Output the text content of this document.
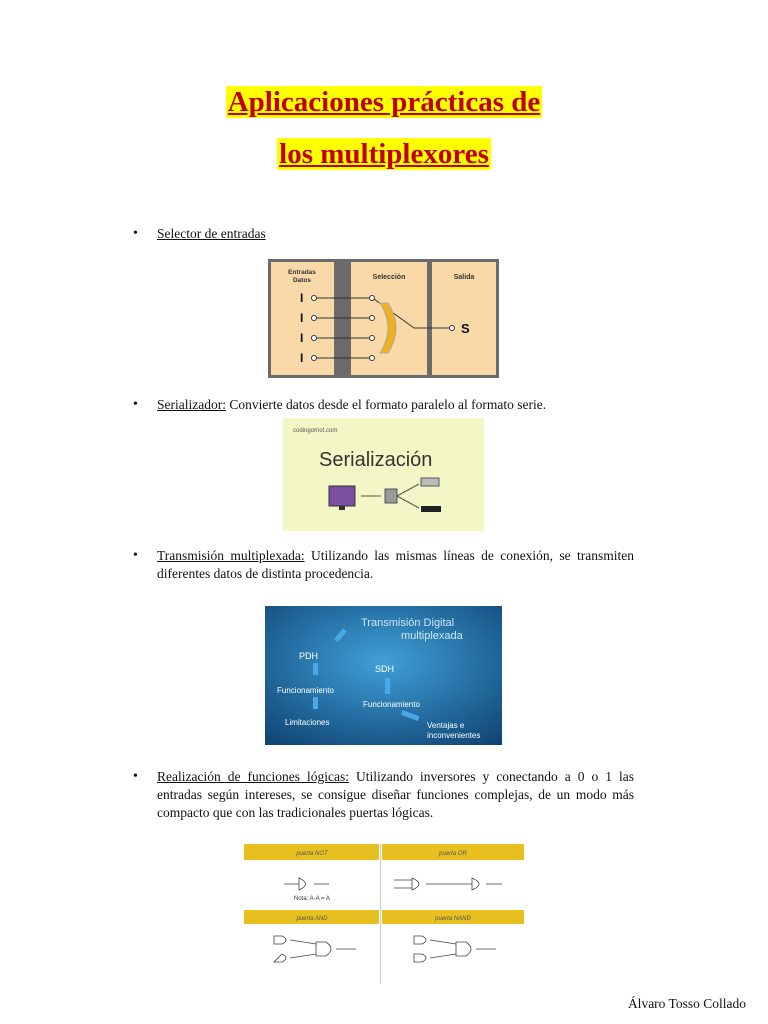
Aplicaciones prácticas de
los multiplexores
• Selector de entradas
Entradas
Datos	Selección	Salida
I
I
I
I
S
• Serializador: Convierte datos desde el formato paralelo al formato serie.
codingornot.com
Serialización
• Transmisión multiplexada: Utilizando las mismas líneas de conexión, se transmiten diferentes datos de distinta procedencia.
Transmisión Digital
multiplexada
PDH
SDH
Funcionamiento
Limitaciones
Funcionamiento
Ventajas e
inconvenientes
• Realización de funciones lógicas: Utilizando inversores y conectando a 0 o 1 las entradas según intereses, se consigue diseñar funciones complejas, de un modo más compacto que con las tradicionales puertas lógicas.
puerta NOT	puerta OR
puerta AND	puerta NAND
Nota: A·A = A
Álvaro Tosso Collado
